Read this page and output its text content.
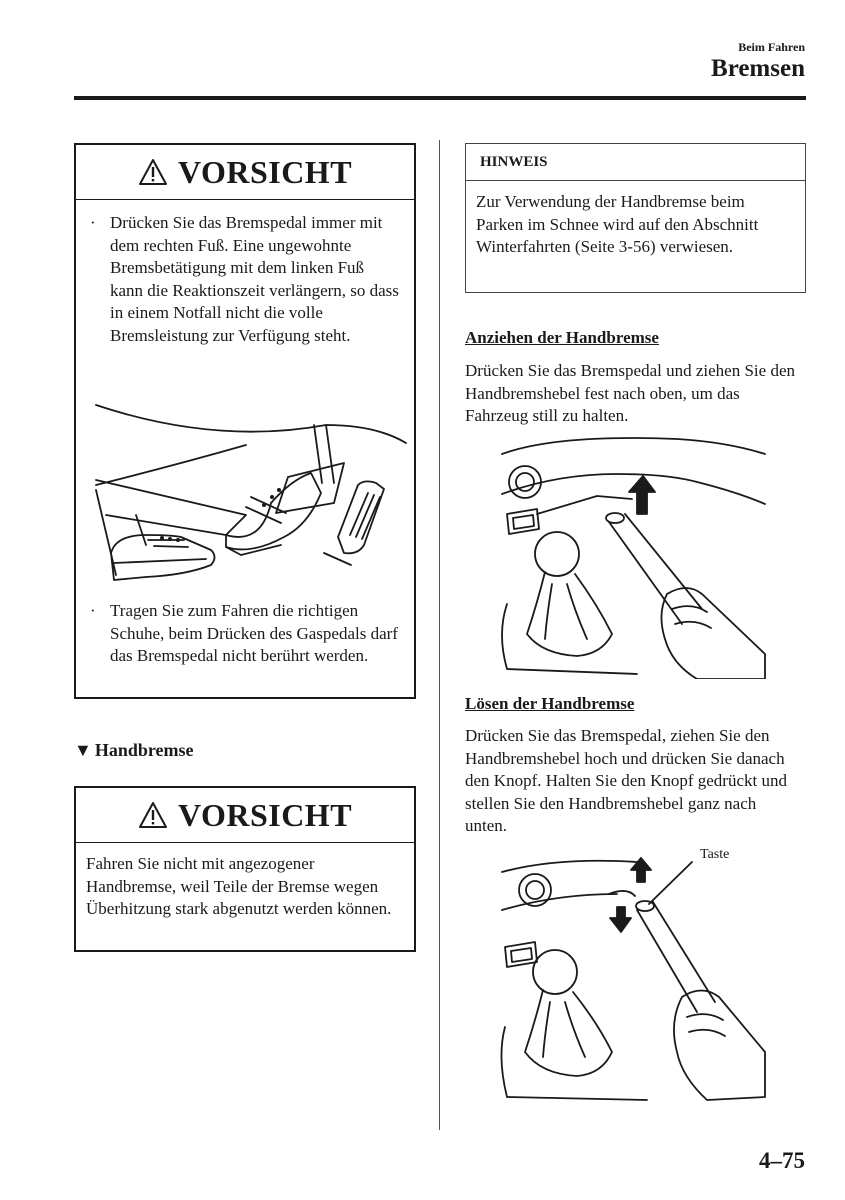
Beim Fahren
Bremsen
VORSICHT
· Drücken Sie das Bremspedal immer mit dem rechten Fuß. Eine ungewohnte Bremsbetätigung mit dem linken Fuß kann die Reaktionszeit verlängern, so dass in einem Notfall nicht die volle Bremsleistung zur Verfügung steht.
· Tragen Sie zum Fahren die richtigen Schuhe, beim Drücken des Gaspedals darf das Bremspedal nicht berührt werden.
▼ Handbremse
VORSICHT
Fahren Sie nicht mit angezogener Handbremse, weil Teile der Bremse wegen Überhitzung stark abgenutzt werden können.
HINWEIS
Zur Verwendung der Handbremse beim Parken im Schnee wird auf den Abschnitt Winterfahrten (Seite 3-56) verwiesen.
Anziehen der Handbremse
Drücken Sie das Bremspedal und ziehen Sie den Handbremshebel fest nach oben, um das Fahrzeug still zu halten.
Lösen der Handbremse
Drücken Sie das Bremspedal, ziehen Sie den Handbremshebel hoch und drücken Sie danach den Knopf. Halten Sie den Knopf gedrückt und stellen Sie den Handbremshebel ganz nach unten.
Taste
4–75
